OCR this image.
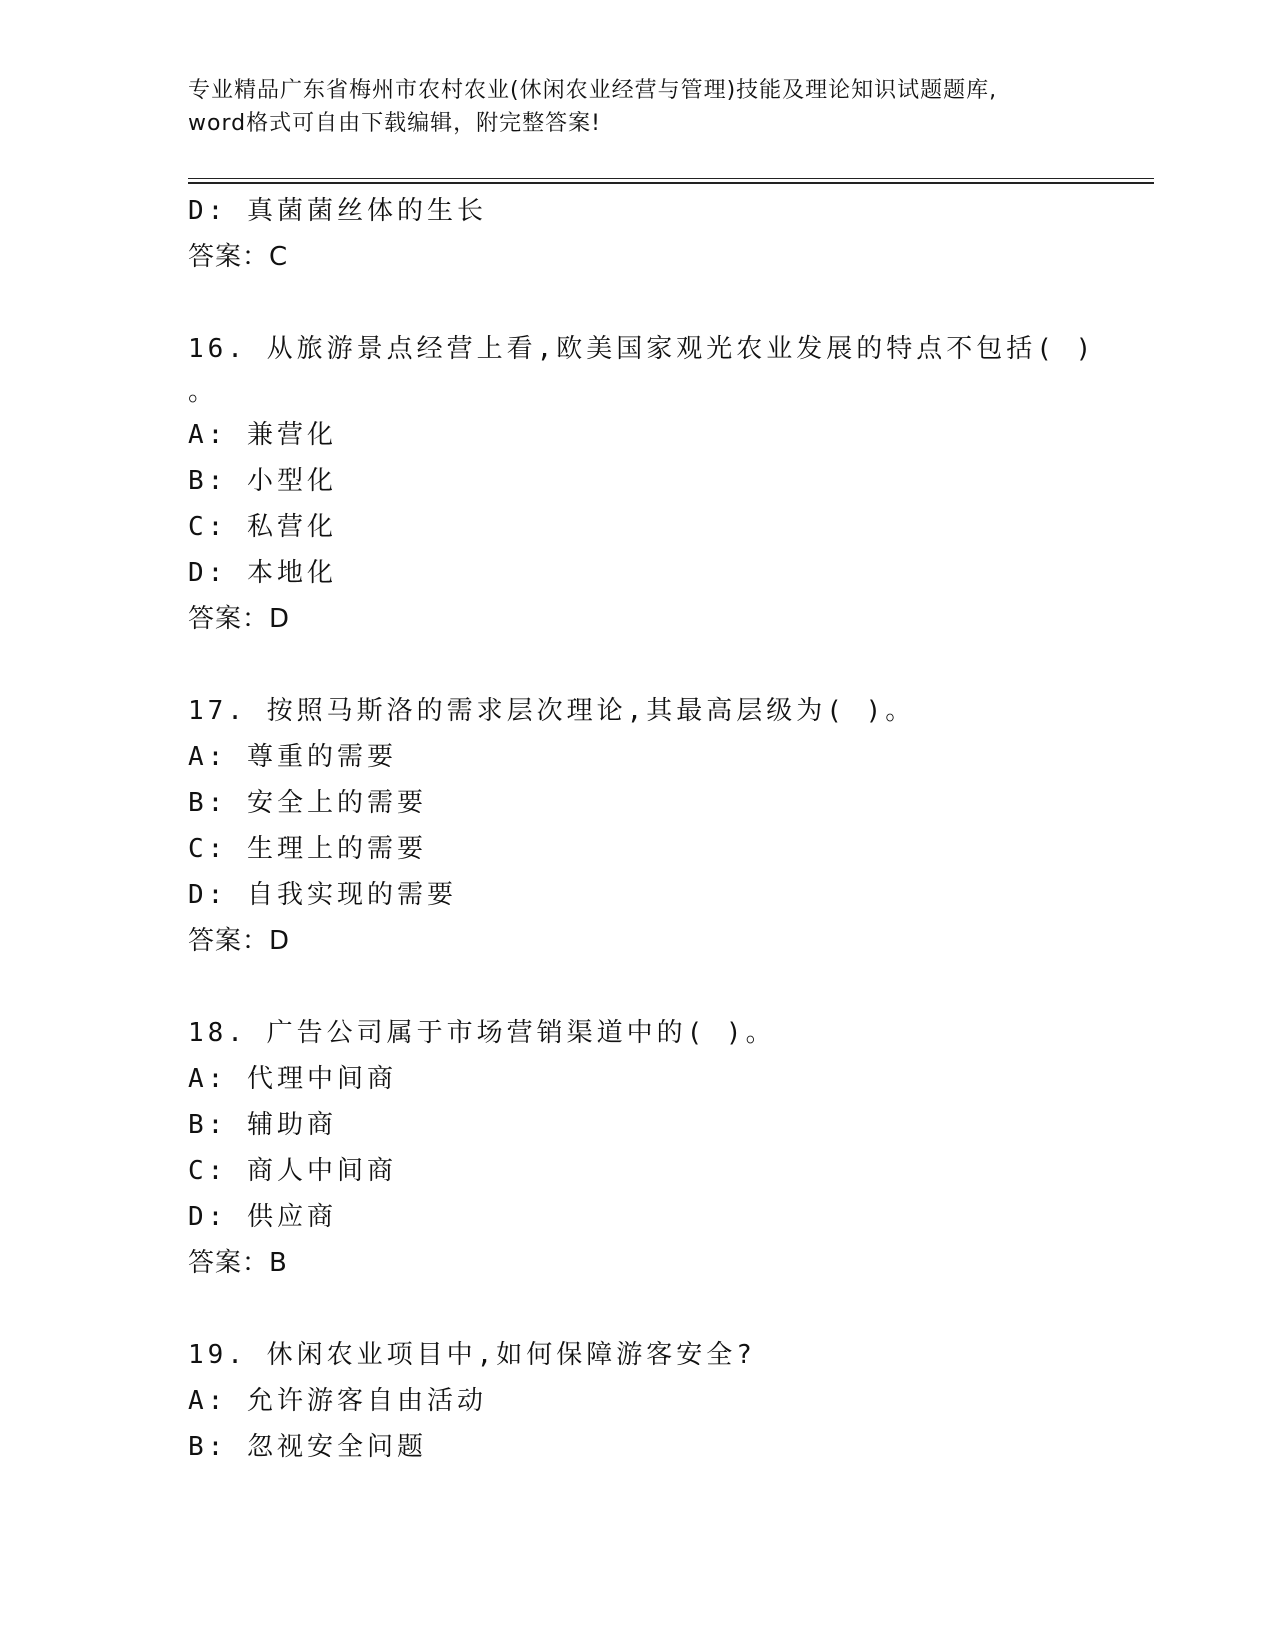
专业精品广东省梅州市农村农业(休闲农业经营与管理)技能及理论知识试题题库,
word格式可自由下载编辑，附完整答案!
D: 真菌菌丝体的生长
答案：C
16. 从旅游景点经营上看,欧美国家观光农业发展的特点不包括( )
。
A: 兼营化
B: 小型化
C: 私营化
D: 本地化
答案：D
17. 按照马斯洛的需求层次理论,其最高层级为( )。
A: 尊重的需要
B: 安全上的需要
C: 生理上的需要
D: 自我实现的需要
答案：D
18. 广告公司属于市场营销渠道中的( )。
A: 代理中间商
B: 辅助商
C: 商人中间商
D: 供应商
答案：B
19. 休闲农业项目中,如何保障游客安全?
A: 允许游客自由活动
B: 忽视安全问题
